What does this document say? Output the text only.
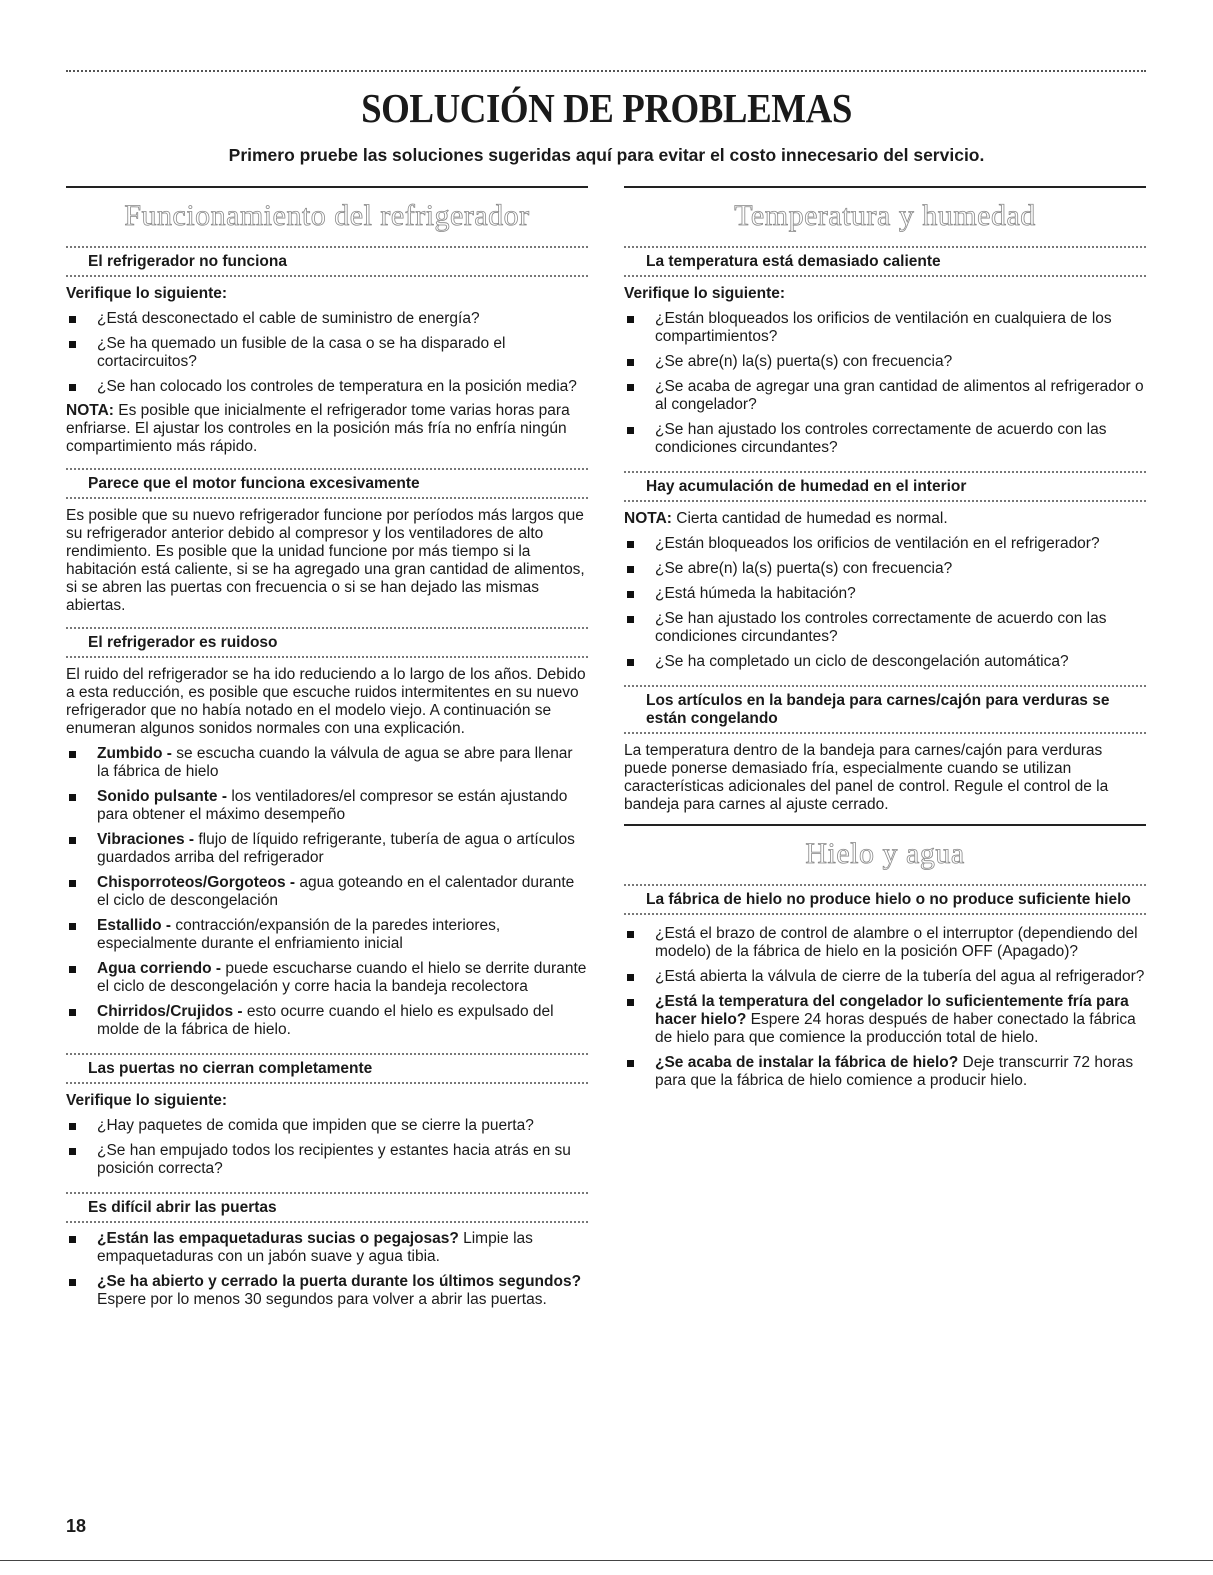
SOLUCIÓN DE PROBLEMAS
Primero pruebe las soluciones sugeridas aquí para evitar el costo innecesario del servicio.
Funcionamiento del refrigerador
El refrigerador no funciona
Verifique lo siguiente:
¿Está desconectado el cable de suministro de energía?
¿Se ha quemado un fusible de la casa o se ha disparado el cortacircuitos?
¿Se han colocado los controles de temperatura en la posición media?

NOTA: Es posible que inicialmente el refrigerador tome varias horas para enfriarse. El ajustar los controles en la posición más fría no enfría ningún compartimiento más rápido.

Parece que el motor funciona excesivamente

Es posible que su nuevo refrigerador funcione por períodos más largos que su refrigerador anterior debido al compresor y los ventiladores de alto rendimiento. Es posible que la unidad funcione por más tiempo si la habitación está caliente, si se ha agregado una gran cantidad de alimentos, si se abren las puertas con frecuencia o si se han dejado las mismas abiertas.

El refrigerador es ruidoso

El ruido del refrigerador se ha ido reduciendo a lo largo de los años. Debido a esta reducción, es posible que escuche ruidos intermitentes en su nuevo refrigerador que no había notado en el modelo viejo. A continuación se enumeran algunos sonidos normales con una explicación.

Zumbido - se escucha cuando la válvula de agua se abre para llenar la fábrica de hielo
Sonido pulsante - los ventiladores/el compresor se están ajustando para obtener el máximo desempeño
Vibraciones - flujo de líquido refrigerante, tubería de agua o artículos guardados arriba del refrigerador
Chisporroteos/Gorgoteos - agua goteando en el calentador durante el ciclo de descongelación
Estallido - contracción/expansión de la paredes interiores, especialmente durante el enfriamiento inicial
Agua corriendo - puede escucharse cuando el hielo se derrite durante el ciclo de descongelación y corre hacia la bandeja recolectora
Chirridos/Crujidos - esto ocurre cuando el hielo es expulsado del molde de la fábrica de hielo.
Las puertas no cierran completamente
Verifique lo siguiente:
¿Hay paquetes de comida que impiden que se cierre la puerta?
¿Se han empujado todos los recipientes y estantes hacia atrás en su posición correcta?
Es difícil abrir las puertas
¿Están las empaquetaduras sucias o pegajosas? Limpie las empaquetaduras con un jabón suave y agua tibia.
¿Se ha abierto y cerrado la puerta durante los últimos segundos? Espere por lo menos 30 segundos para volver a abrir las puertas.
Temperatura y humedad
La temperatura está demasiado caliente
Verifique lo siguiente:
¿Están bloqueados los orificios de ventilación en cualquiera de los compartimientos?
¿Se abre(n) la(s) puerta(s) con frecuencia?
¿Se acaba de agregar una gran cantidad de alimentos al refrigerador o al congelador?
¿Se han ajustado los controles correctamente de acuerdo con las condiciones circundantes?
Hay acumulación de humedad en el interior

NOTA: Cierta cantidad de humedad es normal.

¿Están bloqueados los orificios de ventilación en el refrigerador?
¿Se abre(n) la(s) puerta(s) con frecuencia?
¿Está húmeda la habitación?
¿Se han ajustado los controles correctamente de acuerdo con las condiciones circundantes?
¿Se ha completado un ciclo de descongelación automática?
Los artículos en la bandeja para carnes/cajón para verduras se están congelando

La temperatura dentro de la bandeja para carnes/cajón para verduras puede ponerse demasiado fría, especialmente cuando se utilizan características adicionales del panel de control. Regule el control de la bandeja para carnes al ajuste cerrado.

Hielo y agua
La fábrica de hielo no produce hielo o no produce suficiente hielo
¿Está el brazo de control de alambre o el interruptor (dependiendo del modelo) de la fábrica de hielo en la posición OFF (Apagado)?
¿Está abierta la válvula de cierre de la tubería del agua al refrigerador?
¿Está la temperatura del congelador lo suficientemente fría para hacer hielo? Espere 24 horas después de haber conectado la fábrica de hielo para que comience la producción total de hielo.
¿Se acaba de instalar la fábrica de hielo? Deje transcurrir 72 horas para que la fábrica de hielo comience a producir hielo.
18
